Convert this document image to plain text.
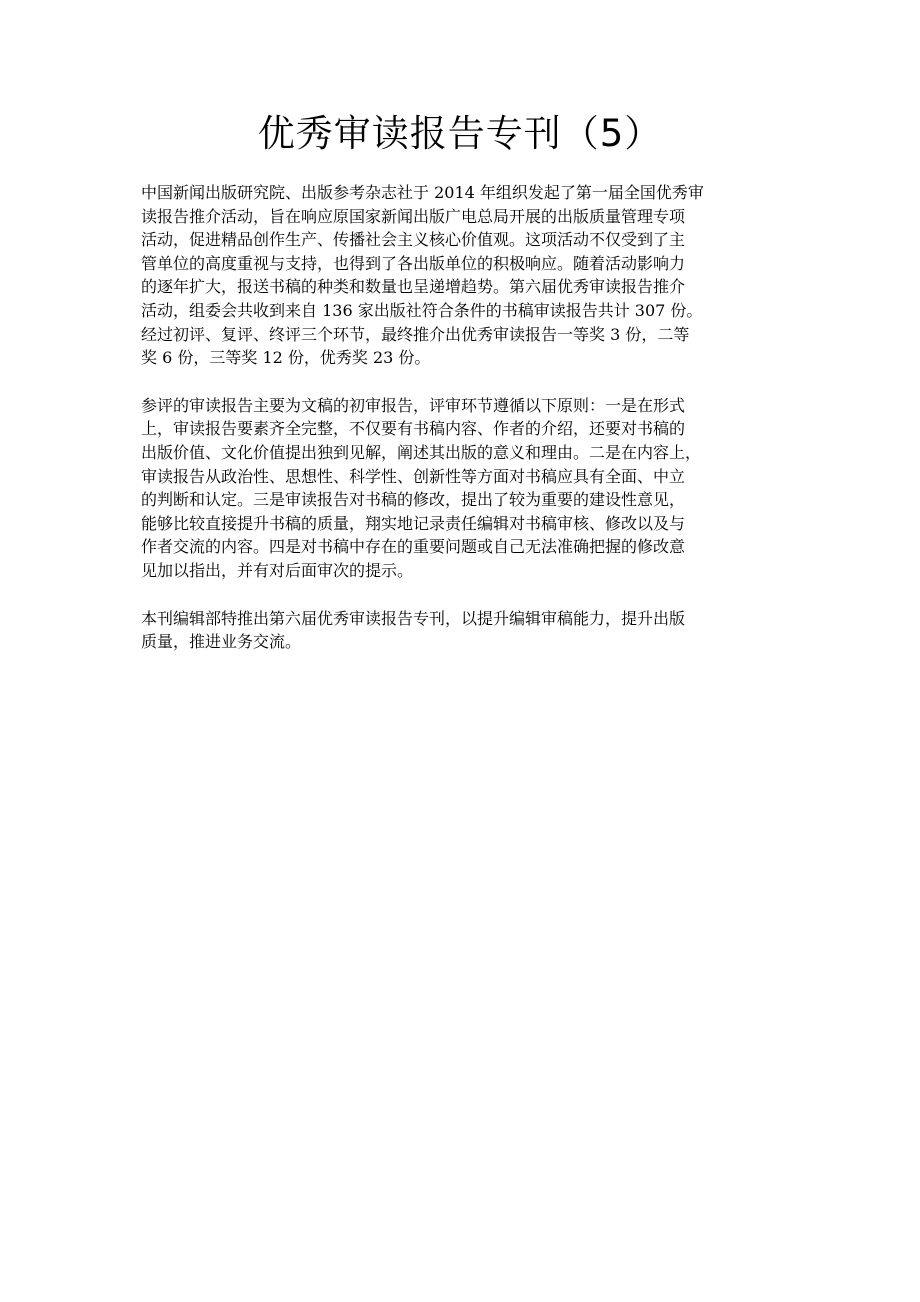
优秀审读报告专刊（5）

中国新闻出版研究院、出版参考杂志社于 2014 年组织发起了第一届全国优秀审
读报告推介活动，旨在响应原国家新闻出版广电总局开展的出版质量管理专项
活动，促进精品创作生产、传播社会主义核心价值观。这项活动不仅受到了主
管单位的高度重视与支持，也得到了各出版单位的积极响应。随着活动影响力
的逐年扩大，报送书稿的种类和数量也呈递增趋势。第六届优秀审读报告推介
活动，组委会共收到来自 136 家出版社符合条件的书稿审读报告共计 307 份。
经过初评、复评、终评三个环节，最终推介出优秀审读报告一等奖 3 份，二等
奖 6 份，三等奖 12 份，优秀奖 23 份。

参评的审读报告主要为文稿的初审报告，评审环节遵循以下原则：一是在形式
上，审读报告要素齐全完整，不仅要有书稿内容、作者的介绍，还要对书稿的
出版价值、文化价值提出独到见解，阐述其出版的意义和理由。二是在内容上，
审读报告从政治性、思想性、科学性、创新性等方面对书稿应具有全面、中立
的判断和认定。三是审读报告对书稿的修改，提出了较为重要的建设性意见，
能够比较直接提升书稿的质量，翔实地记录责任编辑对书稿审核、修改以及与
作者交流的内容。四是对书稿中存在的重要问题或自己无法准确把握的修改意
见加以指出，并有对后面审次的提示。

本刊编辑部特推出第六届优秀审读报告专刊，以提升编辑审稿能力，提升出版
质量，推进业务交流。
